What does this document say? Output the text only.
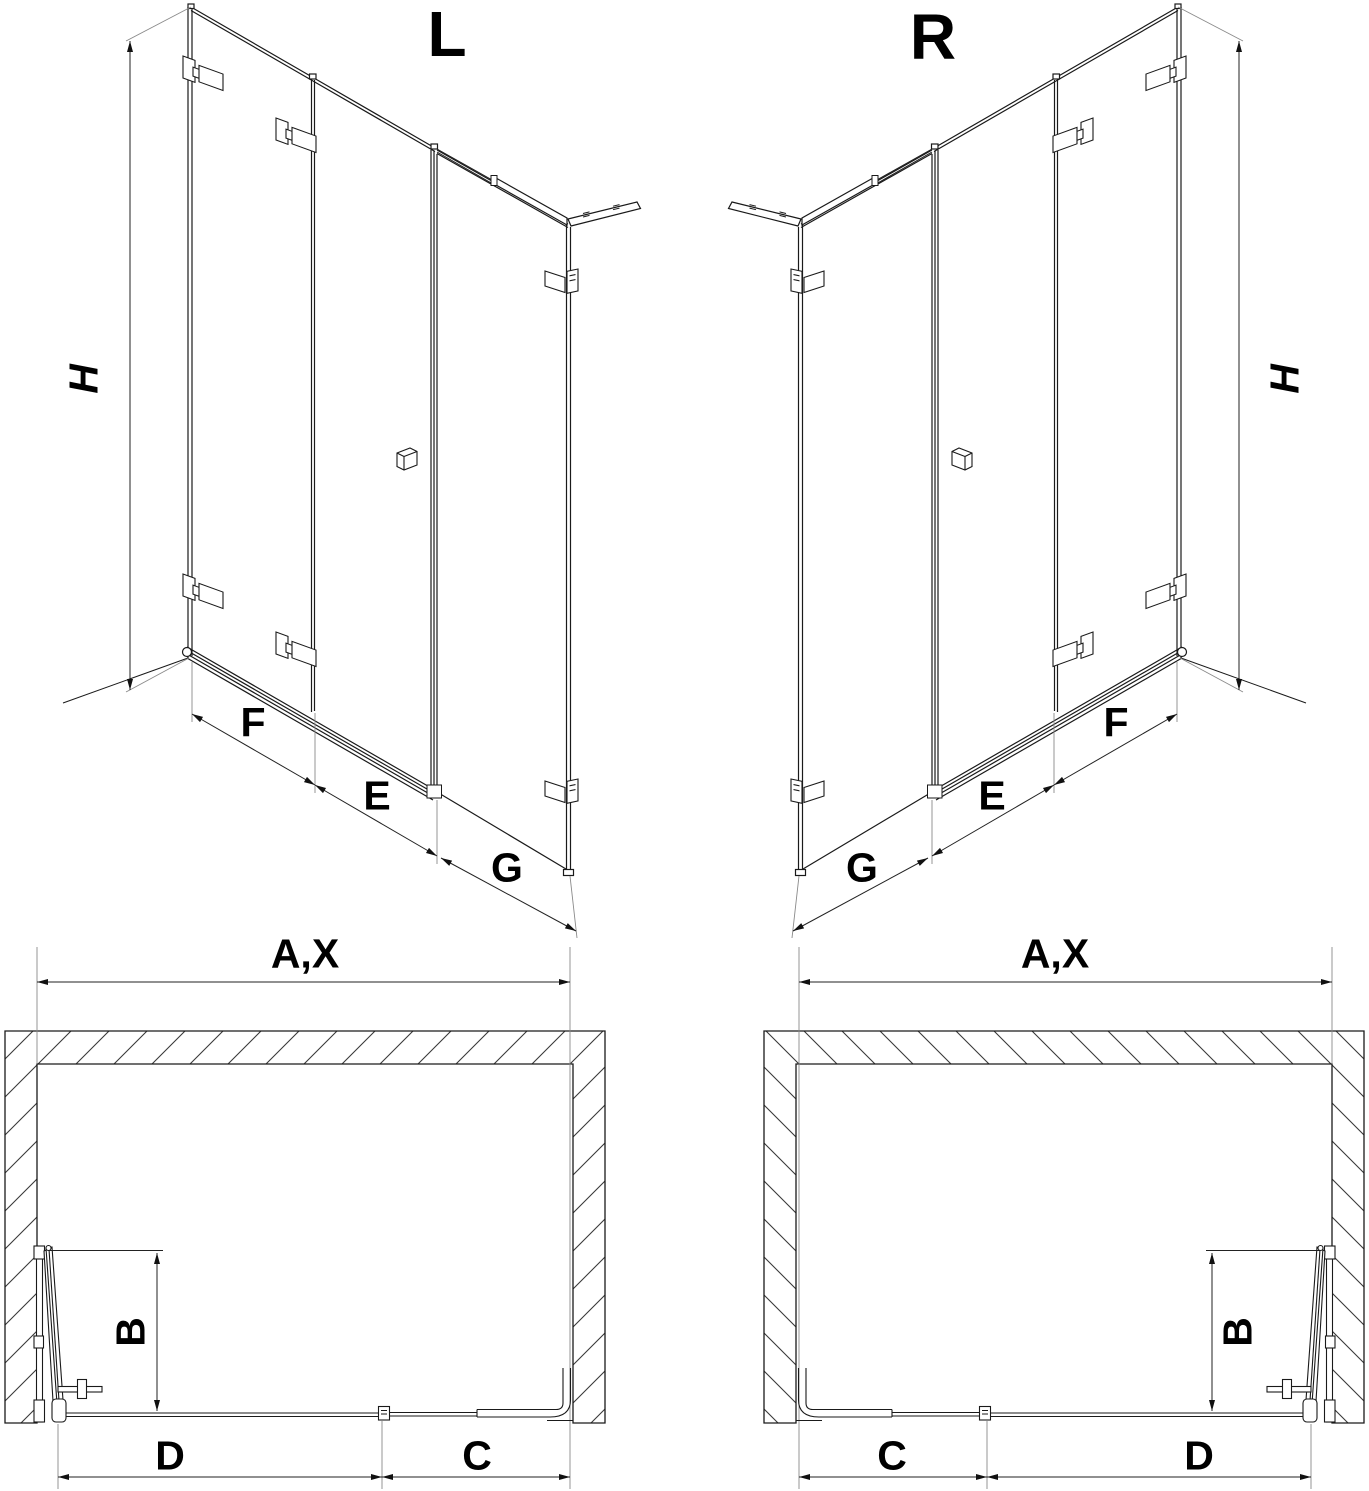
L	R
H	H
F
E
G	G
E
F
A,X	A,X
B	B
D	C	C	D
